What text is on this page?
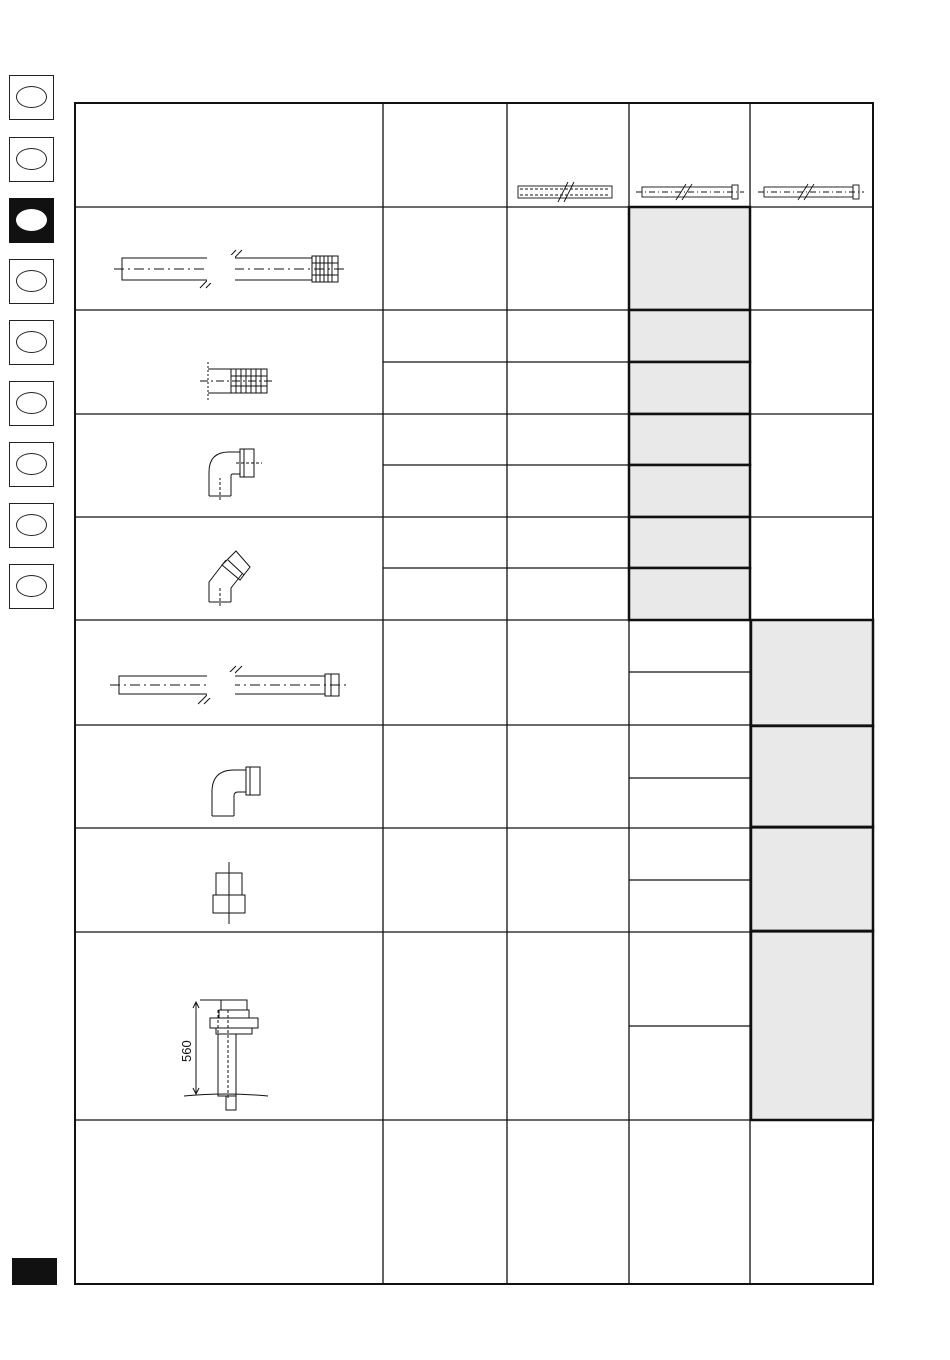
560
